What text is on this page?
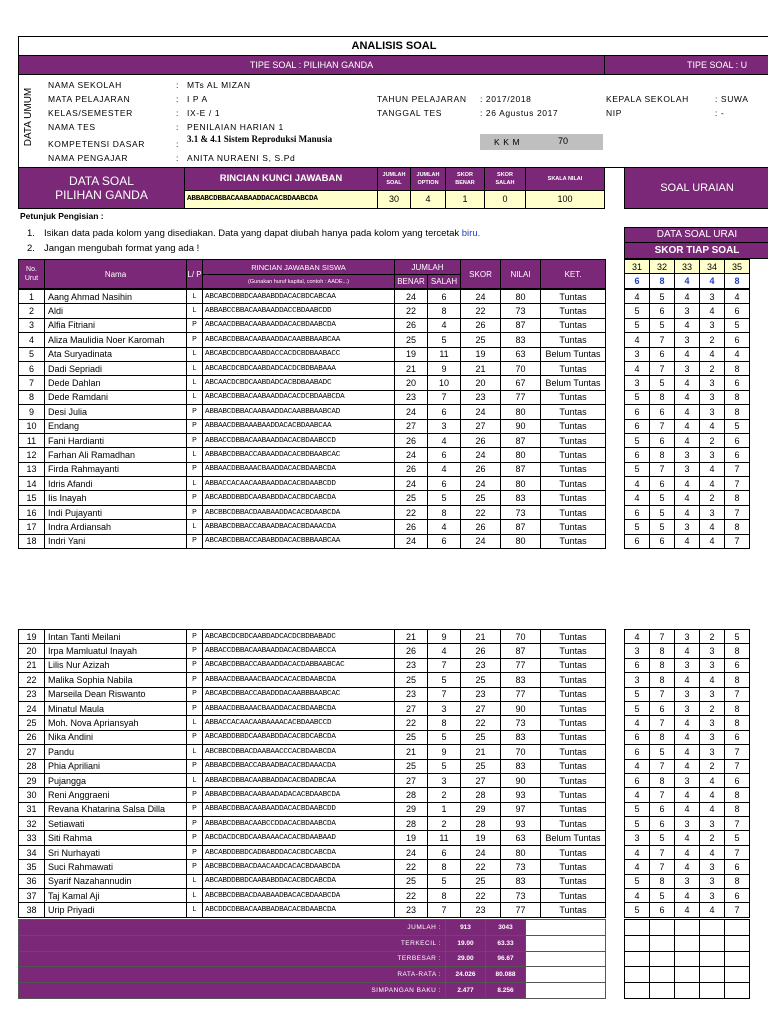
ANALISIS SOAL
TIPE SOAL : PILIHAN GANDA	TIPE SOAL : U
DATA UMUM
NAMA SEKOLAH	: MTs AL MIZAN
MATA PELAJARAN	: I P A
KELAS/SEMESTER	: IX-E / 1
NAMA TES	: PENILAIAN HARIAN 1
KOMPETENSI DASAR	: 3.1 & 4.1 Sistem Reproduksi Manusia
NAMA PENGAJAR	: ANITA NURAENI S, S.Pd
TAHUN PELAJARAN : 2017/2018
TANGGAL TES	: 26 Agustus 2017
KEPALA SEKOLAH	: SUWA
NIP	: -
K K M	70
DATA SOAL
PILIHAN GANDA
RINCIAN KUNCI JAWABAN
ABBABCDBBACAABAADDACACBDAABCDA
JUMLAH SOAL
JUMLAH OPTION
SKOR BENAR
SKOR SALAH
SKALA NILAI
30	4	1	0	100
SOAL URAIAN
Petunjuk Pengisian :
1. Isikan data pada kolom yang disediakan. Data yang dapat diubah hanya pada kolom yang tercetak biru.
2. Jangan mengubah format yang ada !
DATA SOAL URAI
SKOR TIAP SOAL
31	32	33	34	35
6	8	4	4	8
No. Urut	Nama	L/ P	RINCIAN JAWABAN SISWA	JUMLAH		SKOR	NILAI	KET.
			(Gunakan huruf kapital, contoh : AADE...)	BENAR	SALAH			
1	Aang Ahmad Nasihin	L	ABCABCDBBDCAABABDDACACBDCABCAA	24	6	24	80	Tuntas
2	Aldi	L	ABBABCCBBACAABAADDACCBDAABCDD	22	8	22	73	Tuntas
3	Alfia Fitriani	P	ABCAACDBBACAABAADDACACBDAABCDA	26	4	26	87	Tuntas
4	Aliza Maulidia Noer Karomah	P	ABCABCDBBACAABAADDACAABBBAABCAA	25	5	25	83	Tuntas
5	Ata Suryadinata	L	ABCABCDCBDCAABDACCACDCBDBAABACC	19	11	19	63	Belum Tuntas
6	Dadi Sepriadi	L	ABCABCDCBDCAABDADCACDCBDBABAAA	21	9	21	70	Tuntas
7	Dede Dahlan	L	ABCAACDCBDCAABDADCACBDBAABADC	20	10	20	67	Belum Tuntas
8	Dede Ramdani	L	ABCABCDBBACAABAADDACACDCBDAABCDA	23	7	23	77	Tuntas
9	Desi Julia	P	ABBABCDBBACAABAADDACAABBBAABCAD	24	6	24	80	Tuntas
10	Endang	P	ABBAACDBBAAABAADDACACBDAABCAA	27	3	27	90	Tuntas
11	Fani Hardianti	P	ABBACCDBBACAABAADDACACBDAABCCD	26	4	26	87	Tuntas
12	Farhan Ali Ramadhan	L	ABBABCDBBACCABAADDACACBDBAABCAC	24	6	24	80	Tuntas
13	Firda Rahmayanti	P	ABBAACDBBAAACBAADDACACBDAABCDA	26	4	26	87	Tuntas
14	Idris Afandi	L	ABBACCACAACAABAADDACACBDAABCDD	24	6	24	80	Tuntas
15	Iis Inayah	P	ABCABDDBBDCAABABDDACACBDCABCDA	25	5	25	83	Tuntas
16	Indi Pujayanti	P	ABCBBCDBBACDAABAADDACACBDAABCDA	22	8	22	73	Tuntas
17	Indra Ardiansah	L	ABBABCDBBACCABAADBACACBDAAACDA	26	4	26	87	Tuntas
18	Indri Yani	P	ABCABCDBBACCABABDDACACBBBAABCAA	24	6	24	80	Tuntas
4	5	4	3	4
5	6	3	4	6
5	5	4	3	5
4	7	3	2	6
3	6	4	4	4
4	7	3	2	8
3	5	4	3	6
5	8	4	3	8
6	6	4	3	8
6	7	4	4	5
5	6	4	2	6
6	8	3	3	6
5	7	3	4	7
4	6	4	4	7
4	5	4	2	8
6	5	4	3	7
5	5	3	4	8
6	6	4	4	7
19	Intan Tanti Meilani	P	ABCABCDCBDCAABDADCACDCBDBABADC	21	9	21	70	Tuntas
20	Irpa Mamluatul Inayah	P	ABBACCDBBACAABAADDACACBDAABCCA	26	4	26	87	Tuntas
21	Lilis Nur Azizah	P	ABCABCDBBACCABAADDACACDABBAABCAC	23	7	23	77	Tuntas
22	Malika Sophia Nabila	P	ABBAACDBBAAACBAADCACACBDAABCDA	25	5	25	83	Tuntas
23	Marseila Dean Riswanto	P	ABCABCDBBACCABADDDACAABBBAABCAC	23	7	23	77	Tuntas
24	Minatul Maula	P	ABBAACDBBAAACBAADDACACBDAABCDA	27	3	27	90	Tuntas
25	Moh. Nova Apriansyah	L	ABBACCACAACAABAAAACACBDAABCCD	22	8	22	73	Tuntas
26	Nika Andini	P	ABCABDDBBDCAABABDDACACBDCABCDA	25	5	25	83	Tuntas
27	Pandu	L	ABCBBCDBBACDAABAACCCACBDAABCDA	21	9	21	70	Tuntas
28	Phia Apriliani	P	ABBABCDBBACCABAADBACACBDAAACDA	25	5	25	83	Tuntas
29	Pujangga	L	ABBABCDBBACAABBADDACACBDADBCAA	27	3	27	90	Tuntas
30	Reni Anggraeni	P	ABBABCDBBACAABAADADACACBDAABCDA	28	2	28	93	Tuntas
31	Revana Khatarina Salsa Dilla	P	ABBABCDBBACAABAADDACACBDAABCDD	29	1	29	97	Tuntas
32	Setiawati	P	ABBABCDBBACAABCCDDACACBDAABCDA	28	2	28	93	Tuntas
33	Siti Rahma	P	ABCDACDCBDCAABAAACACACBDAABAAD	19	11	19	63	Belum Tuntas
34	Sri Nurhayati	P	ABCABDDBBDCADBABDDACACBDCABCDA	24	6	24	80	Tuntas
35	Suci Rahmawati	P	ABCBBCDBBACDAACAADCACACBDAABCDA	22	8	22	73	Tuntas
36	Syarif Nazahannudin	L	ABCABDDBBDCAABABDDACACBDCABCDA	25	5	25	83	Tuntas
37	Taj Kamal Aji	L	ABCBBCDBBACDAABAADBACACBDAABCDA	22	8	22	73	Tuntas
38	Urip Priyadi	L	ABCDDCDBBACAABBADBACACBDAABCDA	23	7	23	77	Tuntas
4	7	3	2	5
3	8	4	3	8
6	8	3	3	6
3	8	4	4	8
5	7	3	3	7
5	6	3	2	8
4	7	4	3	8
6	8	4	3	6
6	5	4	3	7
4	7	4	2	7
6	8	3	4	6
4	7	4	4	8
5	6	4	4	8
5	6	3	3	7
3	5	4	2	5
4	7	4	4	7
4	7	4	3	6
5	8	3	3	8
4	5	4	3	6
5	6	4	4	7
JUMLAH :	913	3043	
TERKECIL :	19.00	63.33	
TERBESAR :	29.00	96.67	
RATA-RATA :	24.026	80.088	
SIMPANGAN BAKU :	2.477	8.256	
